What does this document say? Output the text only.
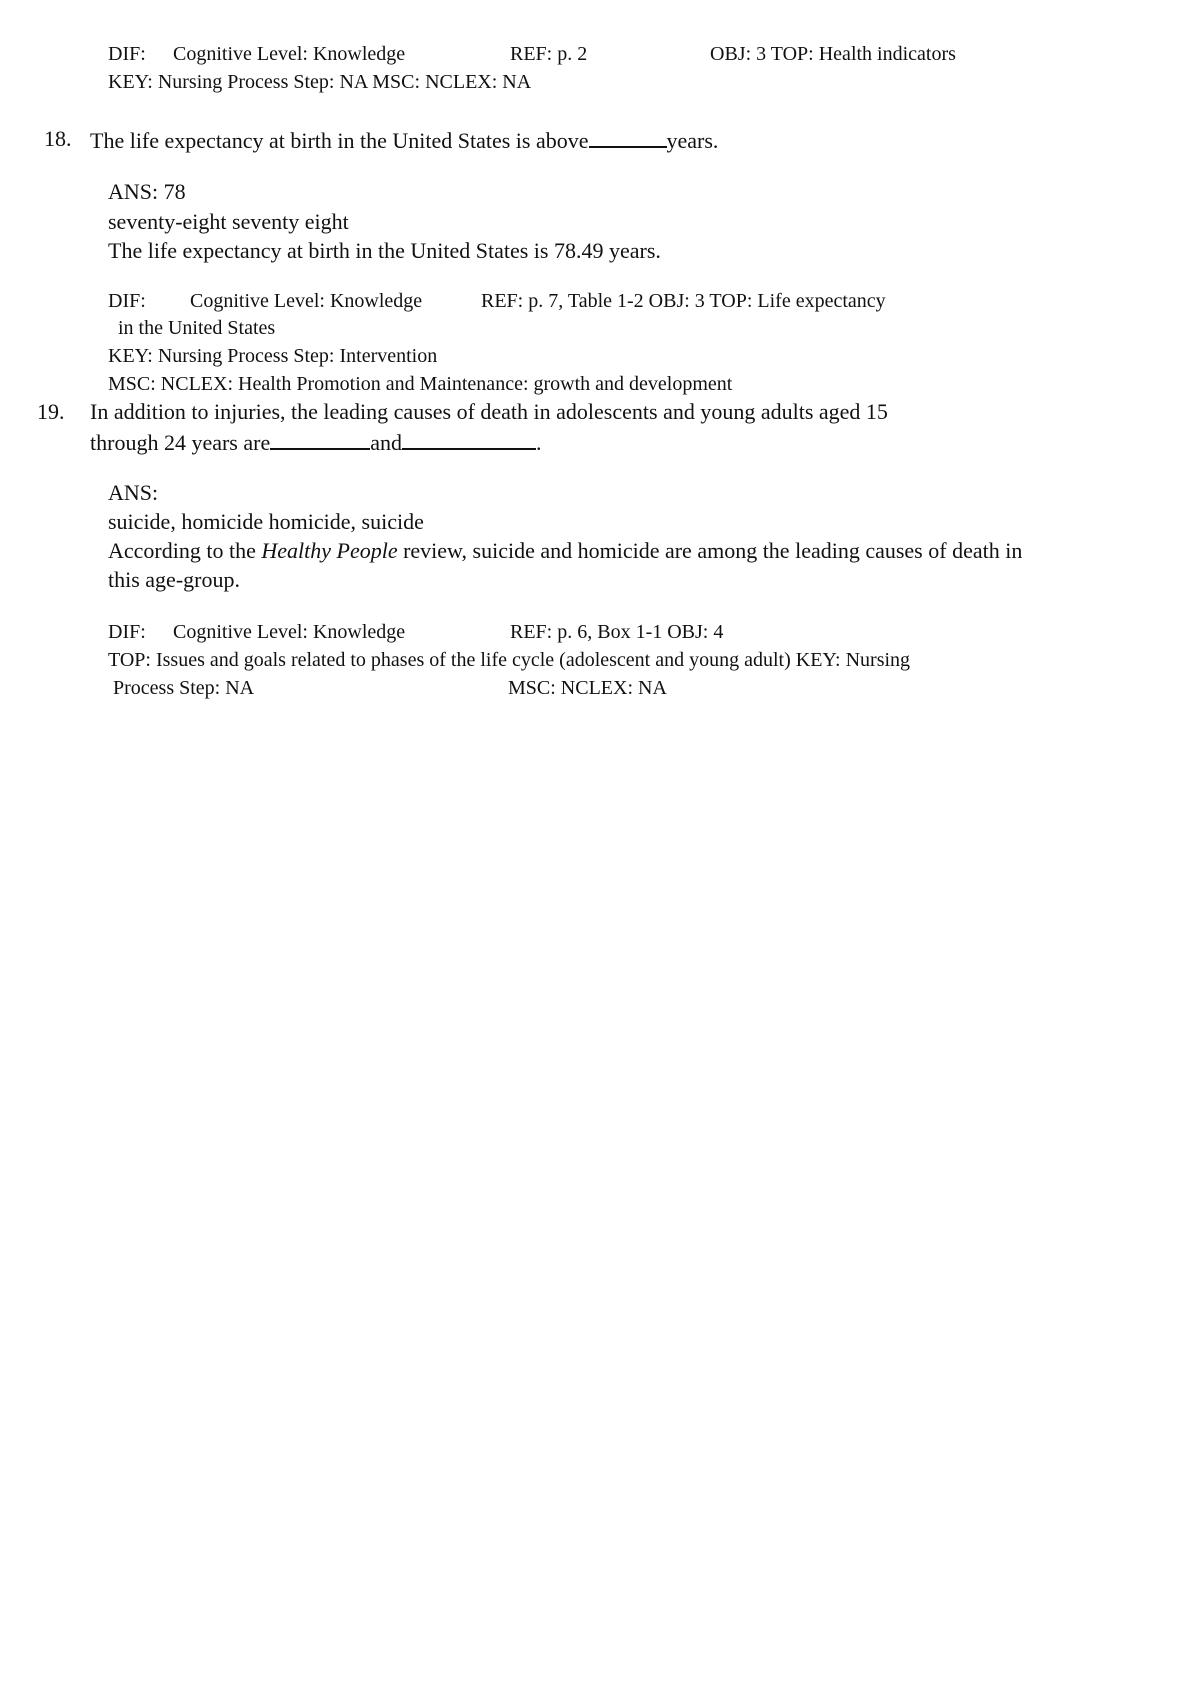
DIF: Cognitive Level: Knowledge	REF: p. 2	OBJ: 3 TOP: Health indicators
KEY: Nursing Process Step: NA MSC: NCLEX: NA
18. The life expectancy at birth in the United States is above	years.
ANS: 78
seventy-eight seventy eight
The life expectancy at birth in the United States is 78.49 years.
DIF: Cognitive Level: Knowledge	REF: p. 7, Table 1-2 OBJ: 3 TOP: Life expectancy
in the United States
KEY: Nursing Process Step: Intervention
MSC: NCLEX: Health Promotion and Maintenance: growth and development
19. In addition to injuries, the leading causes of death in adolescents and young adults aged 15
through 24 years are	and	.
ANS:
suicide, homicide homicide, suicide
According to the Healthy People review, suicide and homicide are among the leading causes of death in
this age-group.
DIF: Cognitive Level: Knowledge	REF: p. 6, Box 1-1 OBJ: 4
TOP: Issues and goals related to phases of the life cycle (adolescent and young adult) KEY: Nursing
Process Step: NA	MSC: NCLEX: NA
